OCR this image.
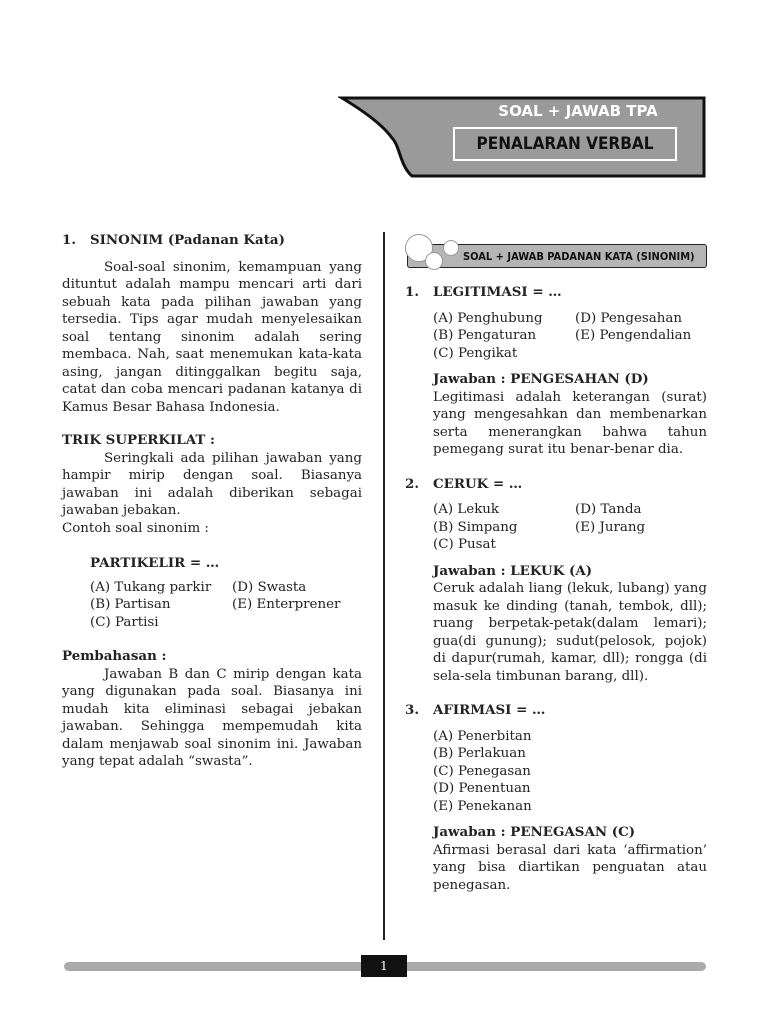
SOAL + JAWAB TPA
PENALARAN VERBAL
1.	SINONIM (Padanan Kata)

Soal-soal sinonim, kemampuan yang dituntut adalah mampu mencari arti dari sebuah kata pada pilihan jawaban yang tersedia. Tips agar mudah menyelesaikan soal tentang sinonim adalah sering membaca. Nah, saat menemukan kata-kata asing, jangan ditinggalkan begitu saja, catat dan coba mencari padanan katanya di Kamus Besar Bahasa Indonesia.

TRIK SUPERKILAT :

Seringkali ada pilihan jawaban yang hampir mirip dengan soal. Biasanya jawaban ini adalah diberikan sebagai jawaban jebakan.

Contoh soal sinonim :
PARTIKELIR = …
(A) Tukang parkir	(D) Swasta
(B) Partisan	(E) Enterprener
(C) Partisi
Pembahasan :

Jawaban B dan C mirip dengan kata yang digunakan pada soal. Biasanya ini mudah kita eliminasi sebagai jebakan jawaban. Sehingga mempemudah kita dalam menjawab soal sinonim ini. Jawaban yang tepat adalah “swasta”.

SOAL + JAWAB PADANAN KATA (SINONIM)
1.	LEGITIMASI = …
(A) Penghubung	(D) Pengesahan
(B) Pengaturan	(E) Pengendalian
(C) Pengikat
Jawaban : PENGESAHAN (D)

Legitimasi adalah keterangan (surat) yang mengesahkan dan membenarkan serta menerangkan bahwa tahun pemegang surat itu benar-benar dia.

2.	CERUK = …
(A) Lekuk	(D) Tanda
(B) Simpang	(E) Jurang
(C) Pusat
Jawaban : LEKUK (A)

Ceruk adalah liang (lekuk, lubang) yang masuk ke dinding (tanah, tembok, dll); ruang berpetak-petak(dalam lemari); gua(di gunung); sudut(pelosok, pojok) di dapur(rumah, kamar, dll); rongga (di sela-sela timbunan barang, dll).

3.	AFIRMASI = …
(A) Penerbitan
(B) Perlakuan
(C) Penegasan
(D) Penentuan
(E) Penekanan
Jawaban : PENEGASAN (C)

Afirmasi berasal dari kata ‘affirmation’ yang bisa diartikan penguatan atau penegasan.

1
